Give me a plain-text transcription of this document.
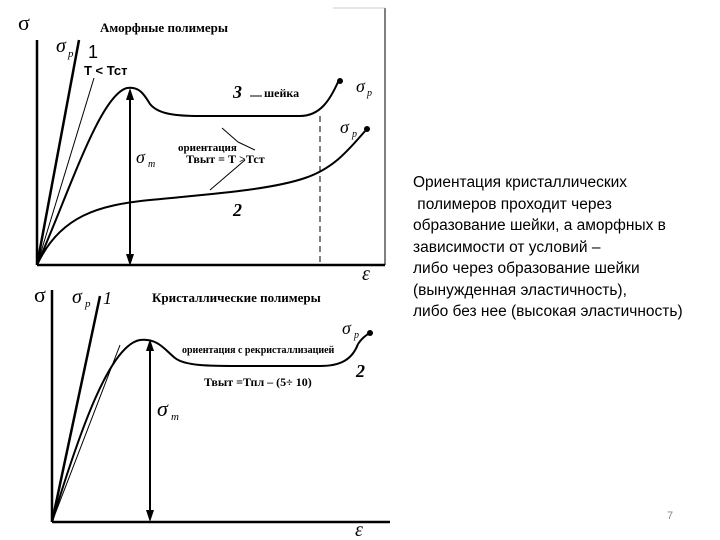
σ
ε
Аморфные полимеры
σ р 1
Т < Тст
3 шейка	σ р
σ р
ориентация
σ т	Твыт = Т >Тст
2
σ
ε
Кристаллические полимеры
σ р 1
σ р
ориентация с рекристаллизацией
2
Твыт =Тпл – (5÷ 10)
σ т
Ориентация кристаллических
полимеров проходит через
образование шейки, а аморфных в
зависимости от условий –
либо через образование шейки
(вынужденная эластичность),
либо без нее (высокая эластичность)
7
